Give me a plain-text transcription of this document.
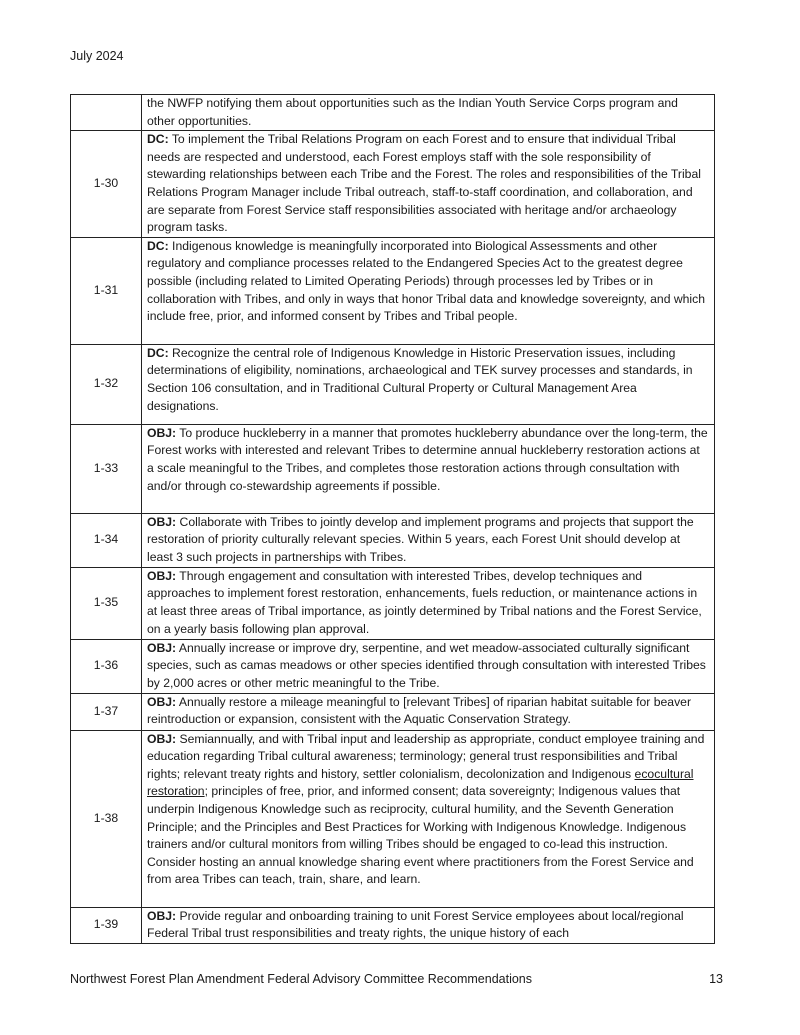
July 2024
	the NWFP notifying them about opportunities such as the Indian Youth Service Corps program and other opportunities.
1-30	DC: To implement the Tribal Relations Program on each Forest and to ensure that individual Tribal needs are respected and understood, each Forest employs staff with the sole responsibility of stewarding relationships between each Tribe and the Forest. The roles and responsibilities of the Tribal Relations Program Manager include Tribal outreach, staff-to-staff coordination, and collaboration, and are separate from Forest Service staff responsibilities associated with heritage and/or archaeology program tasks.
1-31	DC: Indigenous knowledge is meaningfully incorporated into Biological Assessments and other regulatory and compliance processes related to the Endangered Species Act to the greatest degree possible (including related to Limited Operating Periods) through processes led by Tribes or in collaboration with Tribes, and only in ways that honor Tribal data and knowledge sovereignty, and which include free, prior, and informed consent by Tribes and Tribal people.
1-32	DC: Recognize the central role of Indigenous Knowledge in Historic Preservation issues, including determinations of eligibility, nominations, archaeological and TEK survey processes and standards, in Section 106 consultation, and in Traditional Cultural Property or Cultural Management Area designations.
1-33	OBJ: To produce huckleberry in a manner that promotes huckleberry abundance over the long-term, the Forest works with interested and relevant Tribes to determine annual huckleberry restoration actions at a scale meaningful to the Tribes, and completes those restoration actions through consultation with and/or through co-stewardship agreements if possible.
1-34	OBJ: Collaborate with Tribes to jointly develop and implement programs and projects that support the restoration of priority culturally relevant species. Within 5 years, each Forest Unit should develop at least 3 such projects in partnerships with Tribes.
1-35	OBJ: Through engagement and consultation with interested Tribes, develop techniques and approaches to implement forest restoration, enhancements, fuels reduction, or maintenance actions in at least three areas of Tribal importance, as jointly determined by Tribal nations and the Forest Service, on a yearly basis following plan approval.
1-36	OBJ: Annually increase or improve dry, serpentine, and wet meadow-associated culturally significant species, such as camas meadows or other species identified through consultation with interested Tribes by 2,000 acres or other metric meaningful to the Tribe.
1-37	OBJ: Annually restore a mileage meaningful to [relevant Tribes] of riparian habitat suitable for beaver reintroduction or expansion, consistent with the Aquatic Conservation Strategy.
1-38	OBJ: Semiannually, and with Tribal input and leadership as appropriate, conduct employee training and education regarding Tribal cultural awareness; terminology; general trust responsibilities and Tribal rights; relevant treaty rights and history, settler colonialism, decolonization and Indigenous ecocultural restoration; principles of free, prior, and informed consent; data sovereignty; Indigenous values that underpin Indigenous Knowledge such as reciprocity, cultural humility, and the Seventh Generation Principle; and the Principles and Best Practices for Working with Indigenous Knowledge. Indigenous trainers and/or cultural monitors from willing Tribes should be engaged to co-lead this instruction. Consider hosting an annual knowledge sharing event where practitioners from the Forest Service and from area Tribes can teach, train, share, and learn.
1-39	OBJ: Provide regular and onboarding training to unit Forest Service employees about local/regional Federal Tribal trust responsibilities and treaty rights, the unique history of each
Northwest Forest Plan Amendment Federal Advisory Committee Recommendations	13
